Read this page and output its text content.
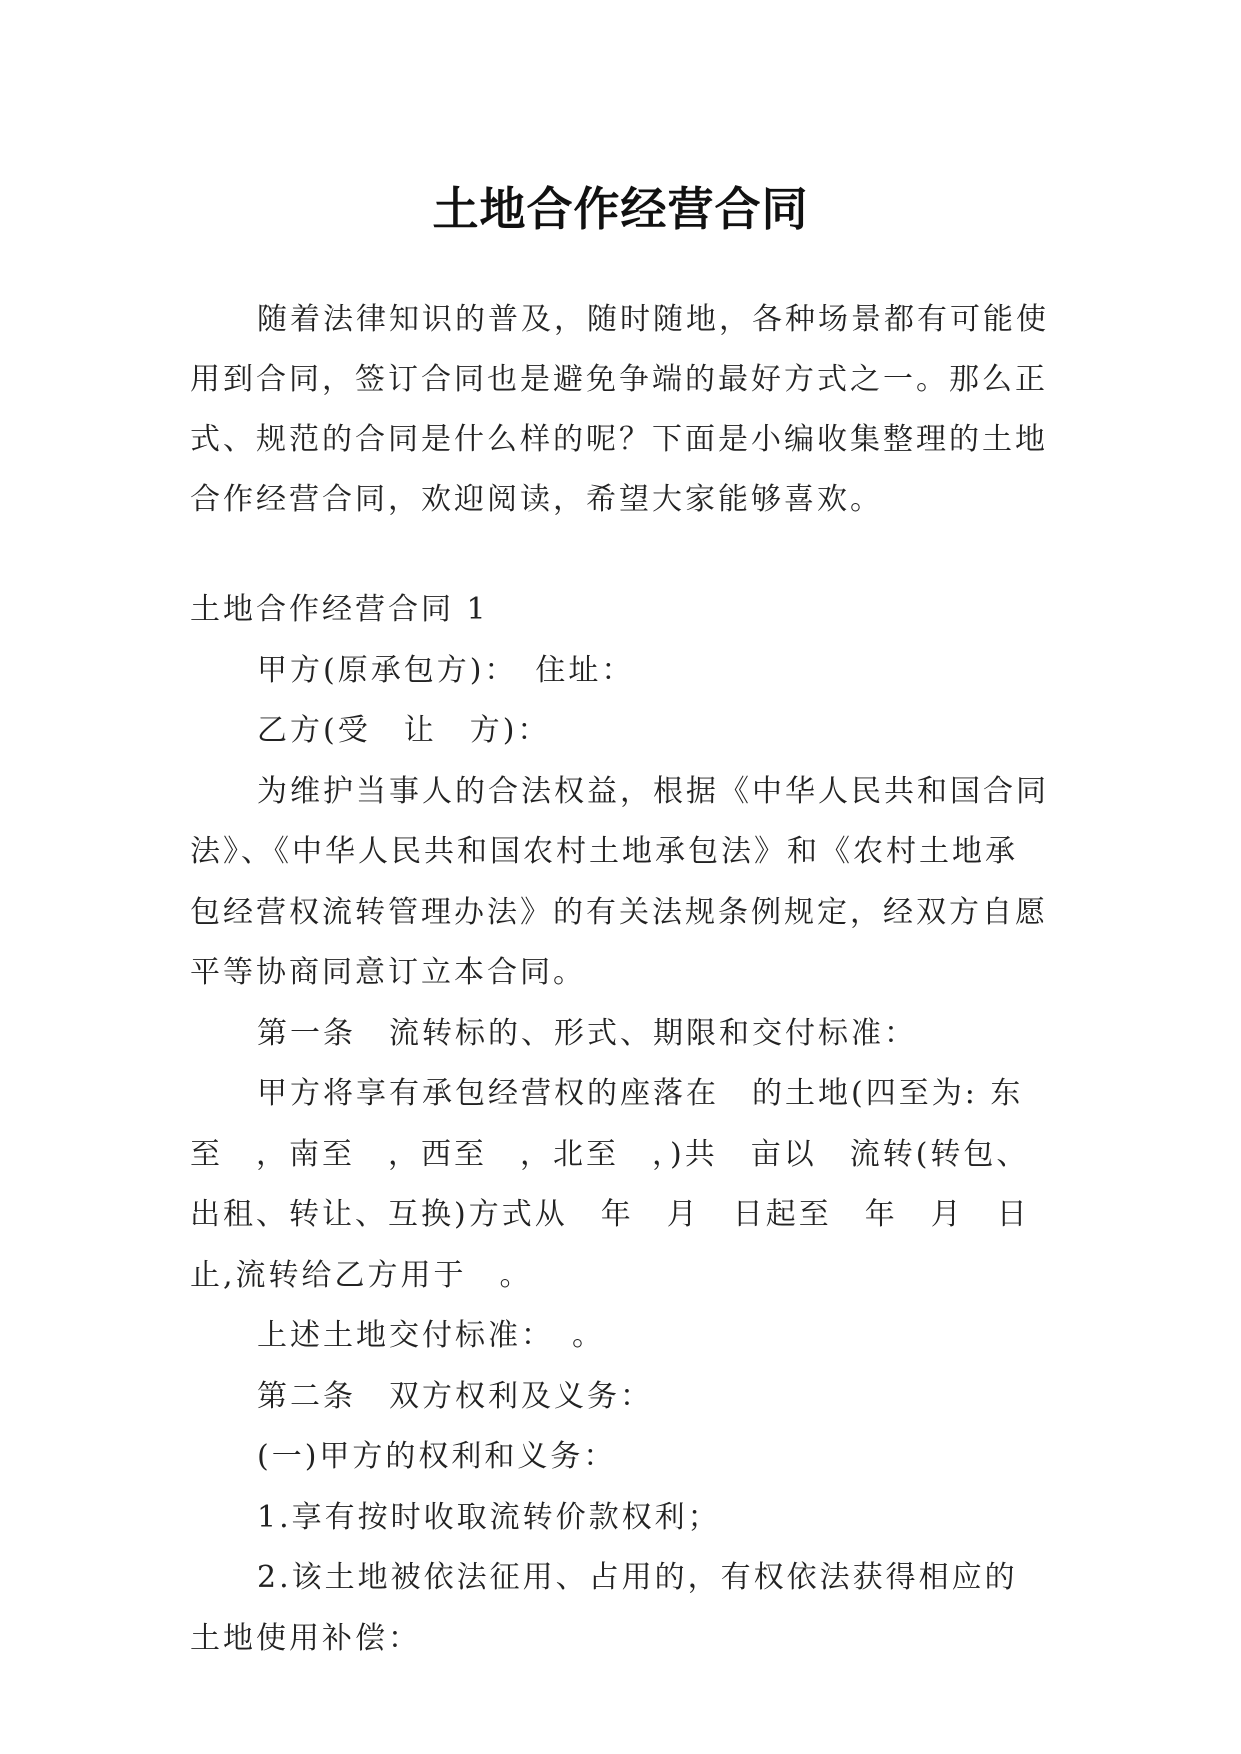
土地合作经营合同

随着法律知识的普及，随时随地，各种场景都有可能使用到合同，签订合同也是避免争端的最好方式之一。那么正式、规范的合同是什么样的呢？下面是小编收集整理的土地合作经营合同，欢迎阅读，希望大家能够喜欢。

土地合作经营合同 1

甲方(原承包方)：　住址：

乙方(受　让　方)：

为维护当事人的合法权益，根据《中华人民共和国合同法》、《中华人民共和国农村土地承包法》和《农村土地承包经营权流转管理办法》的有关法规条例规定，经双方自愿平等协商同意订立本合同。

第一条　流转标的、形式、期限和交付标准：

甲方将享有承包经营权的座落在　的土地(四至为: 东至　，南至　，西至　，北至　，)共　亩以　流转(转包、出租、转让、互换)方式从　年　月　日起至　年　月　日止,流转给乙方用于　。

上述土地交付标准：　。

第二条　双方权利及义务：

(一)甲方的权利和义务：

1.享有按时收取流转价款权利；

2.该土地被依法征用、占用的，有权依法获得相应的土地使用补偿：
